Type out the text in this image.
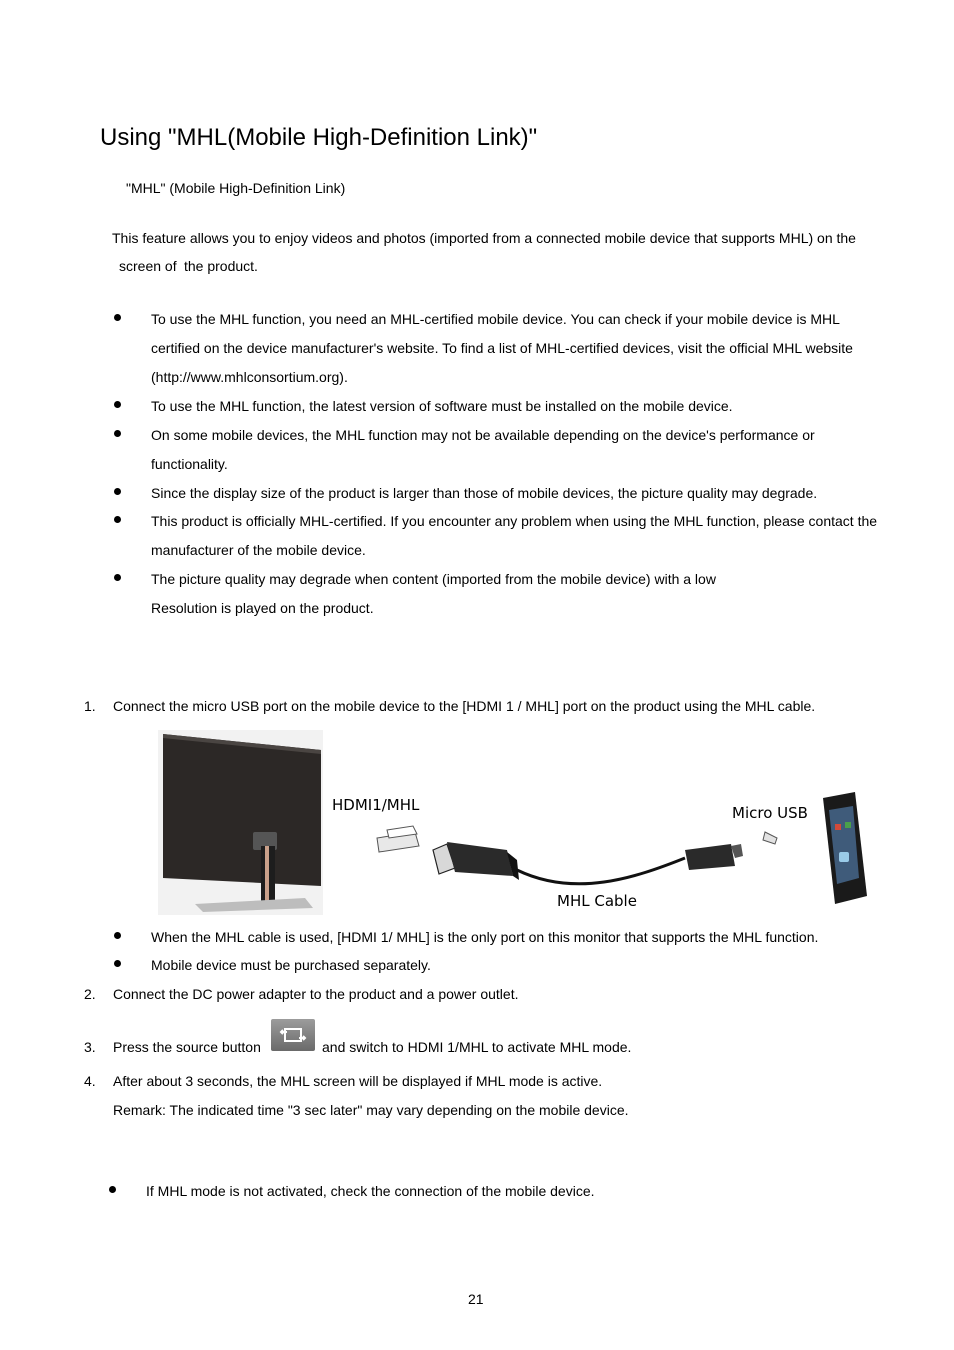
Using "MHL(Mobile High-Definition Link)"
"MHL" (Mobile High-Definition Link)
This feature allows you to enjoy videos and photos (imported from a connected mobile device that supports MHL) on the
screen of the product.
To use the MHL function, you need an MHL-certified mobile device. You can check if your mobile device is MHL
certified on the device manufacturer's website. To find a list of MHL-certified devices, visit the official MHL website
(http://www.mhlconsortium.org).
To use the MHL function, the latest version of software must be installed on the mobile device.
On some mobile devices, the MHL function may not be available depending on the device's performance or
functionality.
Since the display size of the product is larger than those of mobile devices, the picture quality may degrade.
This product is officially MHL-certified. If you encounter any problem when using the MHL function, please contact the
manufacturer of the mobile device.
The picture quality may degrade when content (imported from the mobile device) with a low
Resolution is played on the product.
1. Connect the micro USB port on the mobile device to the [HDMI 1 / MHL] port on the product using the MHL cable.
HDMI1/MHL
MHL Cable
Micro USB
When the MHL cable is used, [HDMI 1/ MHL] is the only port on this monitor that supports the MHL function.
Mobile device must be purchased separately.
2. Connect the DC power adapter to the product and a power outlet.
3. Press the source button	and switch to HDMI 1/MHL to activate MHL mode.
4. After about 3 seconds, the MHL screen will be displayed if MHL mode is active.
Remark: The indicated time "3 sec later" may vary depending on the mobile device.
If MHL mode is not activated, check the connection of the mobile device.
21
